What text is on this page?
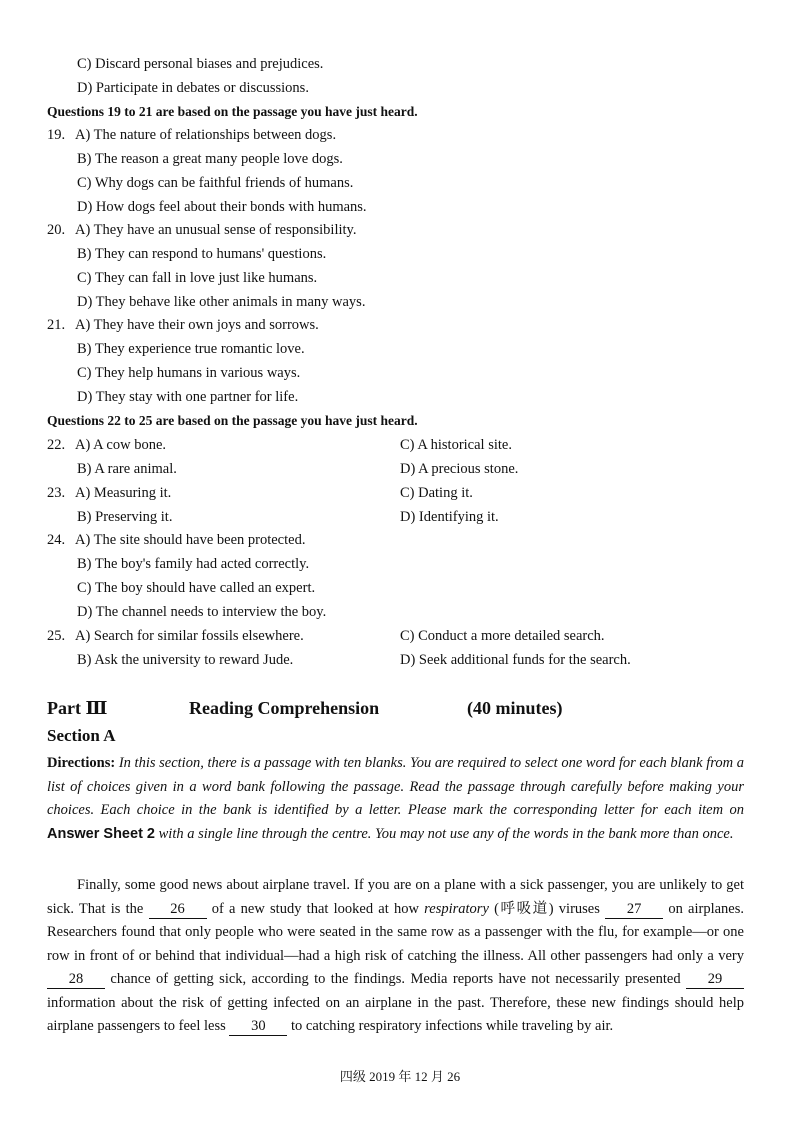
C) Discard personal biases and prejudices.
D) Participate in debates or discussions.
Questions 19 to 21 are based on the passage you have just heard.
19. A) The nature of relationships between dogs.
B) The reason a great many people love dogs.
C) Why dogs can be faithful friends of humans.
D) How dogs feel about their bonds with humans.
20. A) They have an unusual sense of responsibility.
B) They can respond to humans' questions.
C) They can fall in love just like humans.
D) They behave like other animals in many ways.
21. A) They have their own joys and sorrows.
B) They experience true romantic love.
C) They help humans in various ways.
D) They stay with one partner for life.
Questions 22 to 25 are based on the passage you have just heard.
22. A) A cow bone.	C) A historical site.
B) A rare animal.	D) A precious stone.
23. A) Measuring it.	C) Dating it.
B) Preserving it.	D) Identifying it.
24. A) The site should have been protected.
B) The boy's family had acted correctly.
C) The boy should have called an expert.
D) The channel needs to interview the boy.
25. A) Search for similar fossils elsewhere.	C) Conduct a more detailed search.
B) Ask the university to reward Jude.	D) Seek additional funds for the search.
Part Ⅲ	Reading Comprehension	(40 minutes)
Section A
Directions: In this section, there is a passage with ten blanks. You are required to select one word for each blank from a list of choices given in a word bank following the passage. Read the passage through carefully before making your choices. Each choice in the bank is identified by a letter. Please mark the corresponding letter for each item on Answer Sheet 2 with a single line through the centre. You may not use any of the words in the bank more than once.
Finally, some good news about airplane travel. If you are on a plane with a sick passenger, you are unlikely to get sick. That is the 26 of a new study that looked at how respiratory (呼吸道) viruses 27 on airplanes. Researchers found that only people who were seated in the same row as a passenger with the flu, for example—or one row in front of or behind that individual—had a high risk of catching the illness. All other passengers had only a very 28 chance of getting sick, according to the findings. Media reports have not necessarily presented 29 information about the risk of getting infected on an airplane in the past. Therefore, these new findings should help airplane passengers to feel less 30 to catching respiratory infections while traveling by air.
四级 2019 年 12 月 26
